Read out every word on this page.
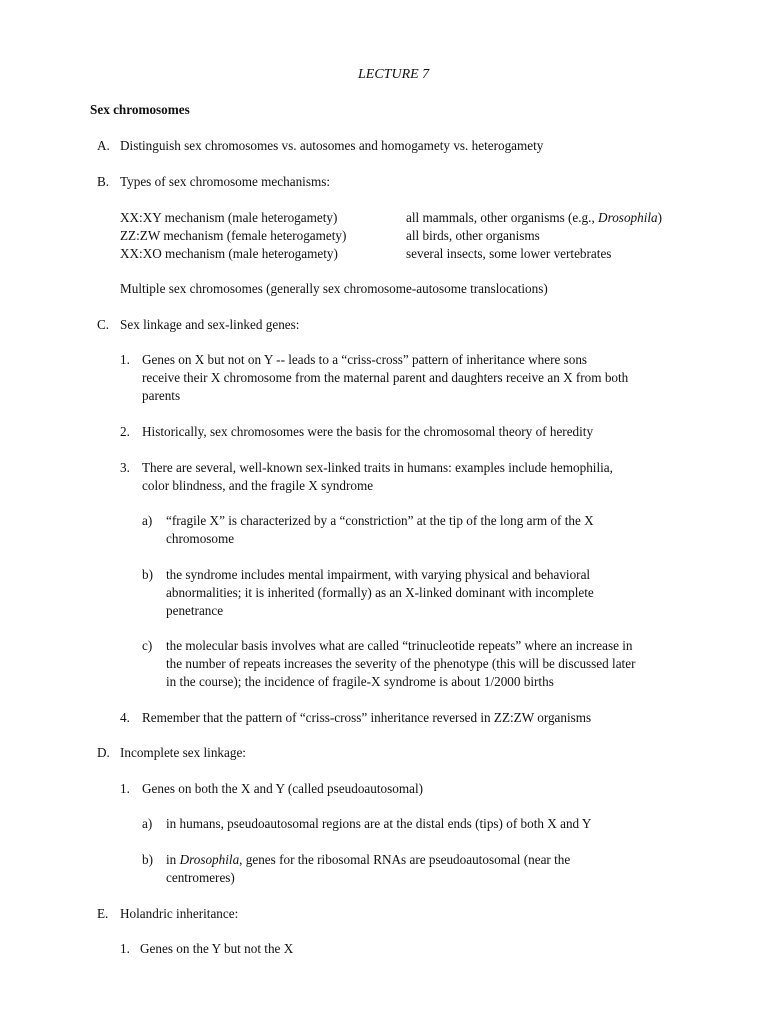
LECTURE 7

Sex chromosomes

A. Distinguish sex chromosomes vs. autosomes and homogamety vs. heterogamety
B. Types of sex chromosome mechanisms:
XX:XY mechanism (male heterogamety)	all mammals, other organisms (e.g., Drosophila)
ZZ:ZW mechanism (female heterogamety)	all birds, other organisms
XX:XO mechanism (male heterogamety)	several insects, some lower vertebrates
Multiple sex chromosomes (generally sex chromosome-autosome translocations)
C. Sex linkage and sex-linked genes:
1. Genes on X but not on Y -- leads to a “criss-cross” pattern of inheritance where sons
receive their X chromosome from the maternal parent and daughters receive an X from both
parents
2. Historically, sex chromosomes were the basis for the chromosomal theory of heredity
3. There are several, well-known sex-linked traits in humans: examples include hemophilia,
color blindness, and the fragile X syndrome
a) “fragile X” is characterized by a “constriction” at the tip of the long arm of the X
chromosome
b) the syndrome includes mental impairment, with varying physical and behavioral
abnormalities; it is inherited (formally) as an X-linked dominant with incomplete
penetrance
c) the molecular basis involves what are called “trinucleotide repeats” where an increase in
the number of repeats increases the severity of the phenotype (this will be discussed later
in the course); the incidence of fragile-X syndrome is about 1/2000 births
4. Remember that the pattern of “criss-cross” inheritance reversed in ZZ:ZW organisms
D. Incomplete sex linkage:
1. Genes on both the X and Y (called pseudoautosomal)
a) in humans, pseudoautosomal regions are at the distal ends (tips) of both X and Y
b) in Drosophila, genes for the ribosomal RNAs are pseudoautosomal (near the
centromeres)
E. Holandric inheritance:
1. Genes on the Y but not the X
